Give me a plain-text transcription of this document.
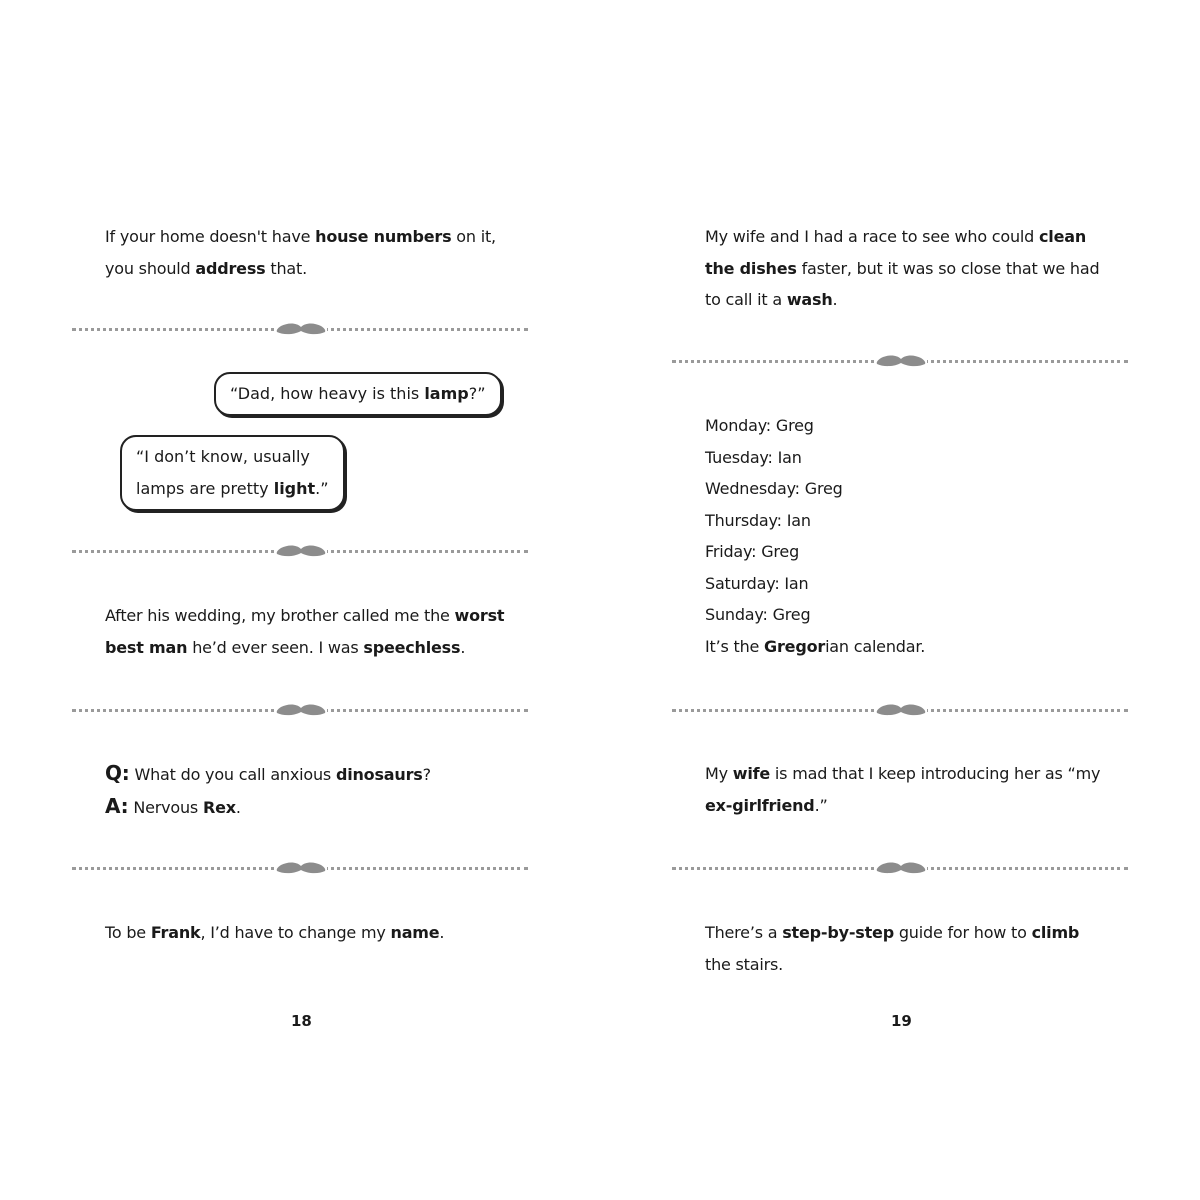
If your home doesn't have house numbers on it,
you should address that.
“Dad, how heavy is this lamp?”
“I don’t know, usually
lamps are pretty light.”
After his wedding, my brother called me the worst
best man he’d ever seen. I was speechless.
Q: What do you call anxious dinosaurs?
A: Nervous Rex.
To be Frank, I’d have to change my name.
18
My wife and I had a race to see who could clean
the dishes faster, but it was so close that we had
to call it a wash.
Monday: Greg
Tuesday: Ian
Wednesday: Greg
Thursday: Ian
Friday: Greg
Saturday: Ian
Sunday: Greg
It’s the Gregorian calendar.
My wife is mad that I keep introducing her as “my
ex-girlfriend.”
There’s a step-by-step guide for how to climb
the stairs.
19
